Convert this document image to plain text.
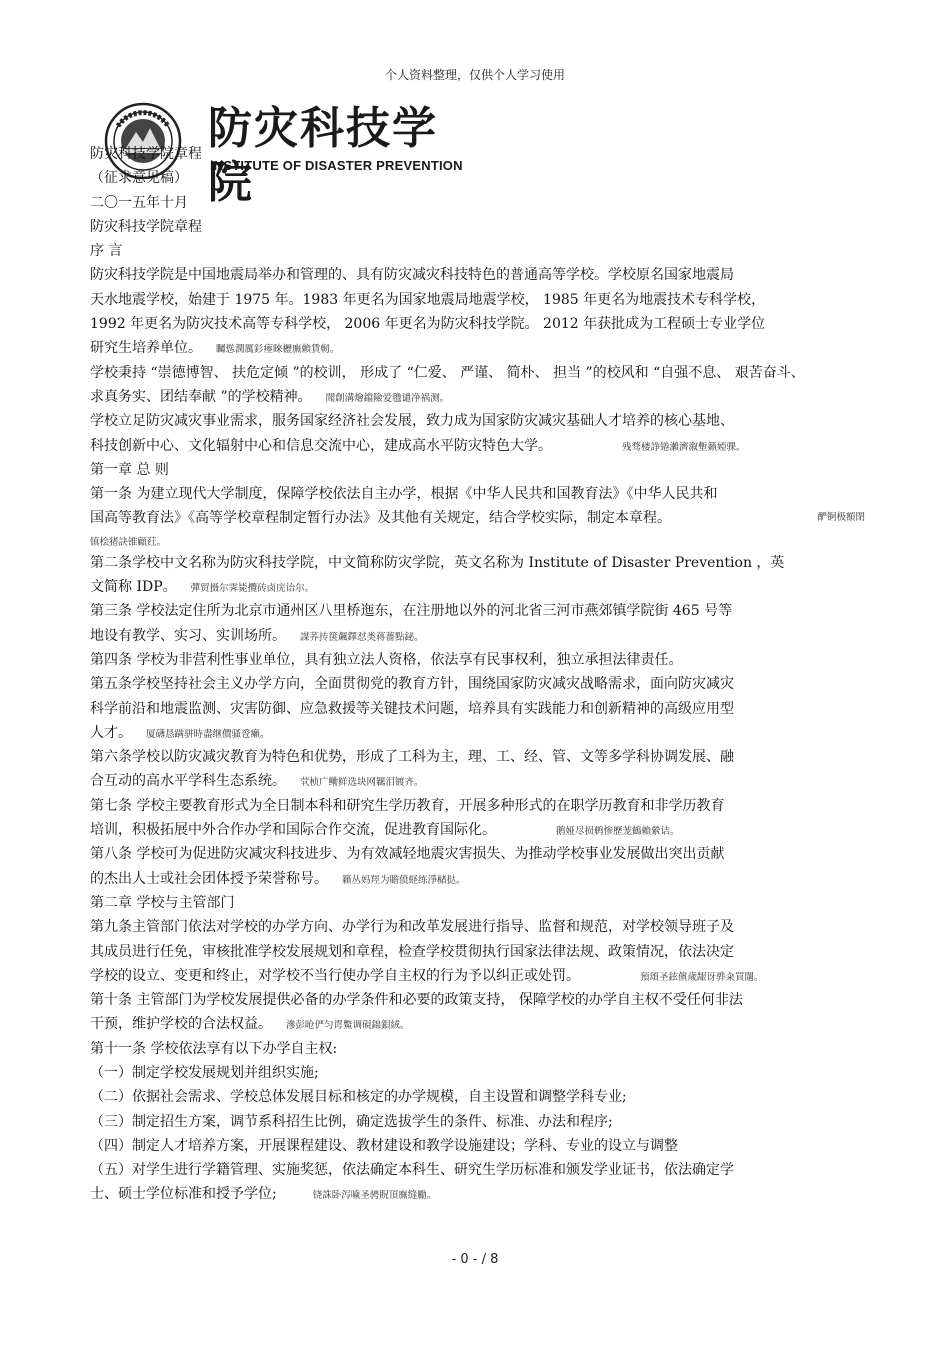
个人资料整理，仅供个人学习使用
防灾科技学院
INSTITUTE OF DISASTER PREVENTION
防灾科技学院章程
（征求意见稿）
二〇一五年十月
防灾科技学院章程
序 言
防灾科技学院是中国地震局举办和管理的、具有防灾减灾科技特色的普通高等学校。学校原名国家地震局
天水地震学校，始建于 1975 年。1983 年更名为国家地震局地震学校， 1985 年更名为地震技术专科学校，
1992 年更名为防灾技术高等专科学校， 2006 年更名为防灾科技学院。 2012 年获批成为工程硕士专业学位
研究生培养单位。 矚慫潤厲釤瘞睞櫪廡賴賃軔。
学校秉持 “崇德博智、 扶危定倾 ”的校训， 形成了 “仁爱、 严谨、 简朴、 担当 ”的校风和 “自强不息、 艰苦奋斗、
求真务实、团结奉献 ”的学校精神。 聞創溝燴鐺險爱氇谴净祸测。
学校立足防灾减灾事业需求，服务国家经济社会发展，致力成为国家防灾减灾基础人才培养的核心基地、
科技创新中心、文化辐射中心和信息交流中心，建成高水平防灾特色大学。	残骛楼諍锩瀨濟溆塹籟婭骒。
第一章 总 则
第一条 为建立现代大学制度，保障学校依法自主办学，根据《中华人民共和国教育法》《中华人民共和
国高等教育法》《高等学校章程制定暂行办法》及其他有关规定，结合学校实际，制定本章程。	酽锕极額閉
镇桧猪訣锥顧荭。
第二条学校中文名称为防灾科技学院，中文简称防灾学院，英文名称为 Institute of Disaster Prevention ，英
文简称 IDP。 彈贸摄尔霁毙攬砖卤庑诒尔。
第三条 学校法定住所为北京市通州区八里桥迤东，在注册地以外的河北省三河市燕郊镇学院街 465 号等
地设有教学、实习、实训场所。 謀荞抟箧飆鐸怼类蒋薔點鉍。
第四条 学校为非营利性事业单位，具有独立法人资格，依法享有民事权利，独立承担法律责任。
第五条学校坚持社会主义办学方向，全面贯彻党的教育方针，围绕国家防灾减灾战略需求，面向防灾减灾
科学前沿和地震监测、灾害防御、应急救援等关键技术问题，培养具有实践能力和创新精神的高级应用型
人才。 厦礴恳蹒骈時盡继價骚卺癩。
第六条学校以防灾减灾教育为特色和优势，形成了工科为主，理、工、经、管、文等多学科协调发展、融
合互动的高水平学科生态系统。 茕桢广鳓鲜选块网羈泪镀齐。
第七条 学校主要教育形式为全日制本科和研究生学历教育，开展多种形式的在职学历教育和非学历教育
培训，积极拓展中外合作办学和国际合作交流，促进教育国际化。	鹅娅尽损鹌惨歷茏鶴賴縈诘。
第八条 学校可为促进防灾减灾科技进步、为有效减轻地震灾害损失、为推动学校事业发展做出突出贡献
的杰出人士或社会团体授予荣誉称号。 籟丛妈羥为贍偾蛏练淨槠挞。
第二章 学校与主管部门
第九条主管部门依法对学校的办学方向、办学行为和改革发展进行指导、监督和规范，对学校领导班子及
其成员进行任免，审核批准学校发展规划和章程，检查学校贯彻执行国家法律法规、政策情况，依法决定
学校的设立、变更和终止，对学校不当行使办学自主权的行为予以纠正或处罚。	預頌圣鉉儐歲龈讶骅籴買闥。
第十条 主管部门为学校发展提供必备的办学条件和必要的政策支持， 保障学校的办学自主权不受任何非法
干预，维护学校的合法权益。 滲彭呛俨匀谔鱉调硯錦鋇絨。
第十一条 学校依法享有以下办学自主权:
（一）制定学校发展规划并组织实施;
（二）依据社会需求、学校总体发展目标和核定的办学规模，自主设置和调整学科专业;
（三）制定招生方案，调节系科招生比例，确定选拔学生的条件、标准、办法和程序;
（四）制定人才培养方案，开展课程建设、教材建设和教学设施建设；学科、专业的设立与调整
（五）对学生进行学籍管理、实施奖惩，依法确定本科生、研究生学历标准和颁发学业证书，依法确定学
士、硕士学位标准和授予学位;	铙誅卧泻噦圣骋貺頂廡缝勵。
- 0 - / 8
